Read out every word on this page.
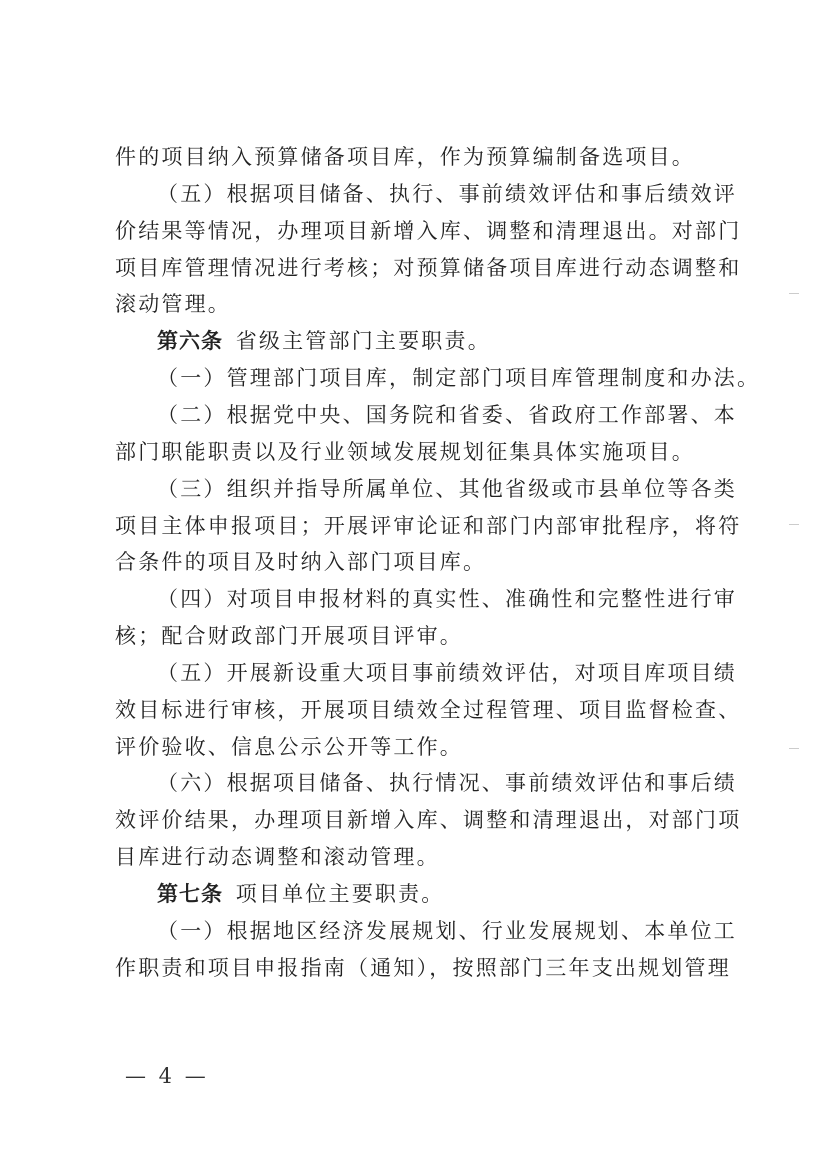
件的项目纳入预算储备项目库，作为预算编制备选项目。
（五）根据项目储备、执行、事前绩效评估和事后绩效评
价结果等情况，办理项目新增入库、调整和清理退出。对部门
项目库管理情况进行考核；对预算储备项目库进行动态调整和
滚动管理。
第六条  省级主管部门主要职责。
（一）管理部门项目库，制定部门项目库管理制度和办法。
（二）根据党中央、国务院和省委、省政府工作部署、本
部门职能职责以及行业领域发展规划征集具体实施项目。
（三）组织并指导所属单位、其他省级或市县单位等各类
项目主体申报项目；开展评审论证和部门内部审批程序，将符
合条件的项目及时纳入部门项目库。
（四）对项目申报材料的真实性、准确性和完整性进行审
核；配合财政部门开展项目评审。
（五）开展新设重大项目事前绩效评估，对项目库项目绩
效目标进行审核，开展项目绩效全过程管理、项目监督检查、
评价验收、信息公示公开等工作。
（六）根据项目储备、执行情况、事前绩效评估和事后绩
效评价结果，办理项目新增入库、调整和清理退出，对部门项
目库进行动态调整和滚动管理。
第七条  项目单位主要职责。
（一）根据地区经济发展规划、行业发展规划、本单位工
作职责和项目申报指南（通知），按照部门三年支出规划管理
— 4 —
